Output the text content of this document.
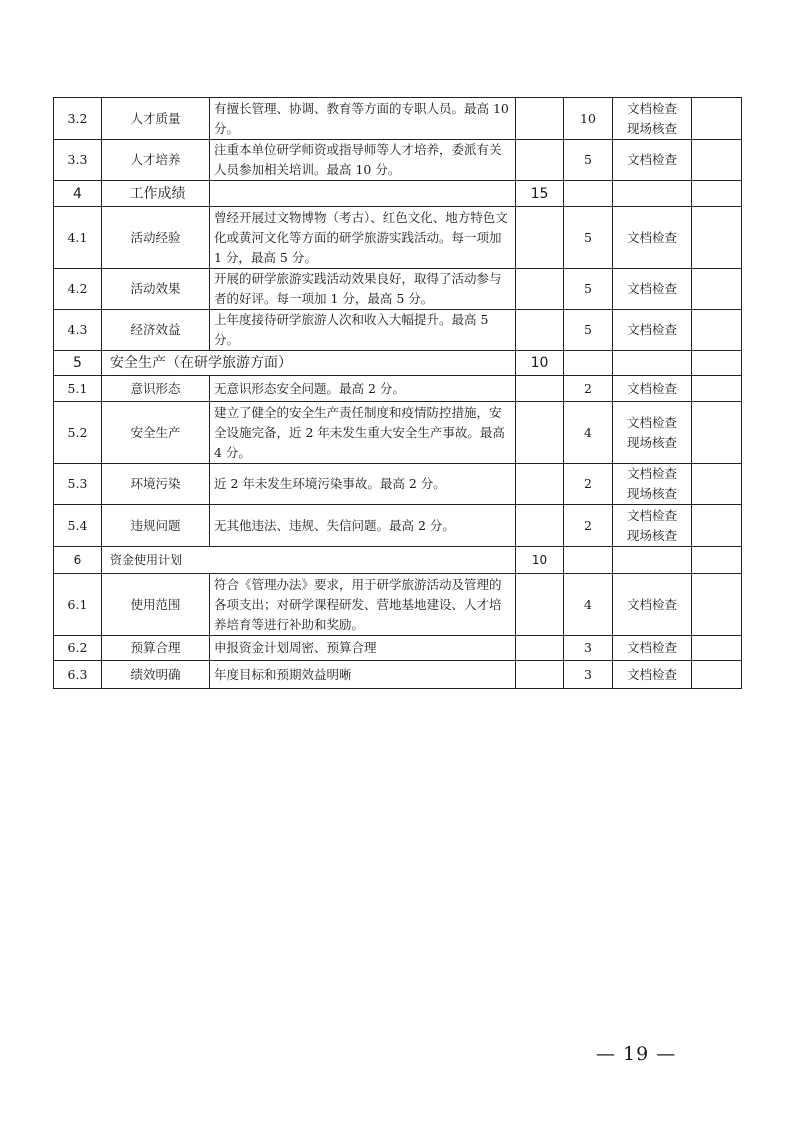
3.2	人才质量	有擅长管理、协调、教育等方面的专职人员。最高 10 分。		10	文档检查
现场核查	
3.3	人才培养	注重本单位研学师资或指导师等人才培养，委派有关人员参加相关培训。最高 10 分。		5	文档检查	
4	工作成绩		15			
4.1	活动经验	曾经开展过文物博物（考古）、红色文化、地方特色文化或黄河文化等方面的研学旅游实践活动。每一项加 1 分，最高 5 分。		5	文档检查	
4.2	活动效果	开展的研学旅游实践活动效果良好，取得了活动参与者的好评。每一项加 1 分，最高 5 分。		5	文档检查	
4.3	经济效益	上年度接待研学旅游人次和收入大幅提升。最高 5 分。		5	文档检查	
5	安全生产（在研学旅游方面）		10			
5.1	意识形态	无意识形态安全问题。最高 2 分。		2	文档检查	
5.2	安全生产	建立了健全的安全生产责任制度和疫情防控措施，安全设施完备，近 2 年未发生重大安全生产事故。最高 4 分。		4	文档检查
现场核查	
5.3	环境污染	近 2 年未发生环境污染事故。最高 2 分。		2	文档检查
现场核查	
5.4	违规问题	无其他违法、违规、失信问题。最高 2 分。		2	文档检查
现场核查	
6	资金使用计划		10			
6.1	使用范围	符合《管理办法》要求，用于研学旅游活动及管理的各项支出；对研学课程研发、营地基地建设、人才培养培育等进行补助和奖励。		4	文档检查	
6.2	预算合理	申报资金计划周密、预算合理		3	文档检查	
6.3	绩效明确	年度目标和预期效益明晰		3	文档检查	
— 19 —
